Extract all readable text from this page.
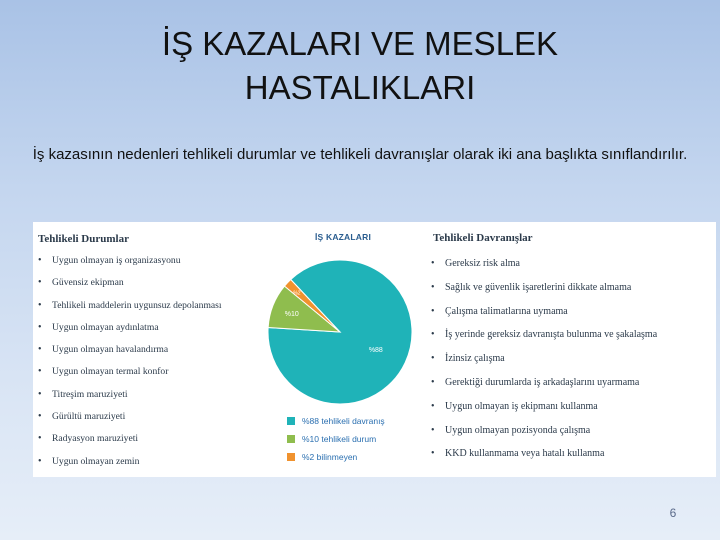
İŞ KAZALARI VE MESLEK
HASTALIKLARI
İş kazasının nedenleri tehlikeli durumlar ve tehlikeli davranışlar olarak iki ana başlıkta sınıflandırılır.
Tehlikeli Durumlar
• Uygun olmayan iş organizasyonu
• Güvensiz ekipman
• Tehlikeli maddelerin uygunsuz depolanması
• Uygun olmayan aydınlatma
• Uygun olmayan havalandırma
• Uygun olmayan termal konfor
• Titreşim maruziyeti
• Gürültü maruziyeti
• Radyasyon maruziyeti
• Uygun olmayan zemin
İŞ KAZALARI
%88
%10
%2
%88 tehlikeli davranış
%10 tehlikeli durum
%2 bilinmeyen
Tehlikeli Davranışlar
• Gereksiz risk alma
• Sağlık ve güvenlik işaretlerini dikkate almama
• Çalışma talimatlarına uymama
• İş yerinde gereksiz davranışta bulunma ve şakalaşma
• İzinsiz çalışma
• Gerektiği durumlarda iş arkadaşlarını uyarmama
• Uygun olmayan iş ekipmanı kullanma
• Uygun olmayan pozisyonda çalışma
• KKD kullanmama veya hatalı kullanma
6
